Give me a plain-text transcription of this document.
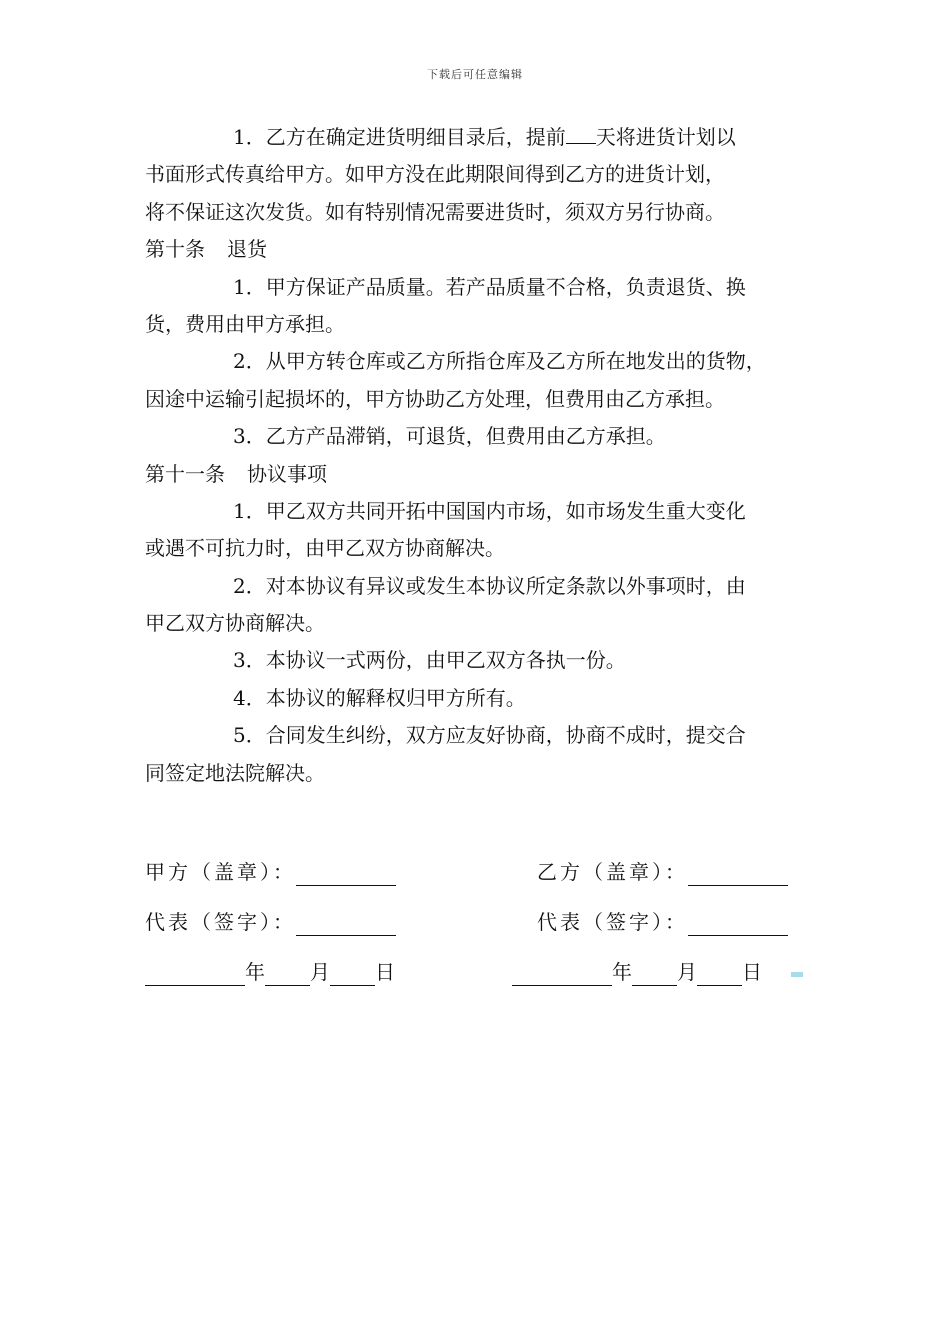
下载后可任意编辑
1．乙方在确定进货明细目录后，提前 天将进货计划以
书面形式传真给甲方。如甲方没在此期限间得到乙方的进货计划，
将不保证这次发货。如有特别情况需要进货时，须双方另行协商。
第十条 退货
1．甲方保证产品质量。若产品质量不合格，负责退货、换
货，费用由甲方承担。
2．从甲方转仓库或乙方所指仓库及乙方所在地发出的货物，
因途中运输引起损坏的，甲方协助乙方处理，但费用由乙方承担。
3．乙方产品滞销，可退货，但费用由乙方承担。
第十一条 协议事项
1．甲乙双方共同开拓中国国内市场，如市场发生重大变化
或遇不可抗力时，由甲乙双方协商解决。
2．对本协议有异议或发生本协议所定条款以外事项时，由
甲乙双方协商解决。
3．本协议一式两份，由甲乙双方各执一份。
4．本协议的解释权归甲方所有。
5．合同发生纠纷，双方应友好协商，协商不成时，提交合
同签定地法院解决。
甲方（盖章）：	乙方（盖章）：
代表（签字）：	代表（签字）：
年 月 日	年 月 日
